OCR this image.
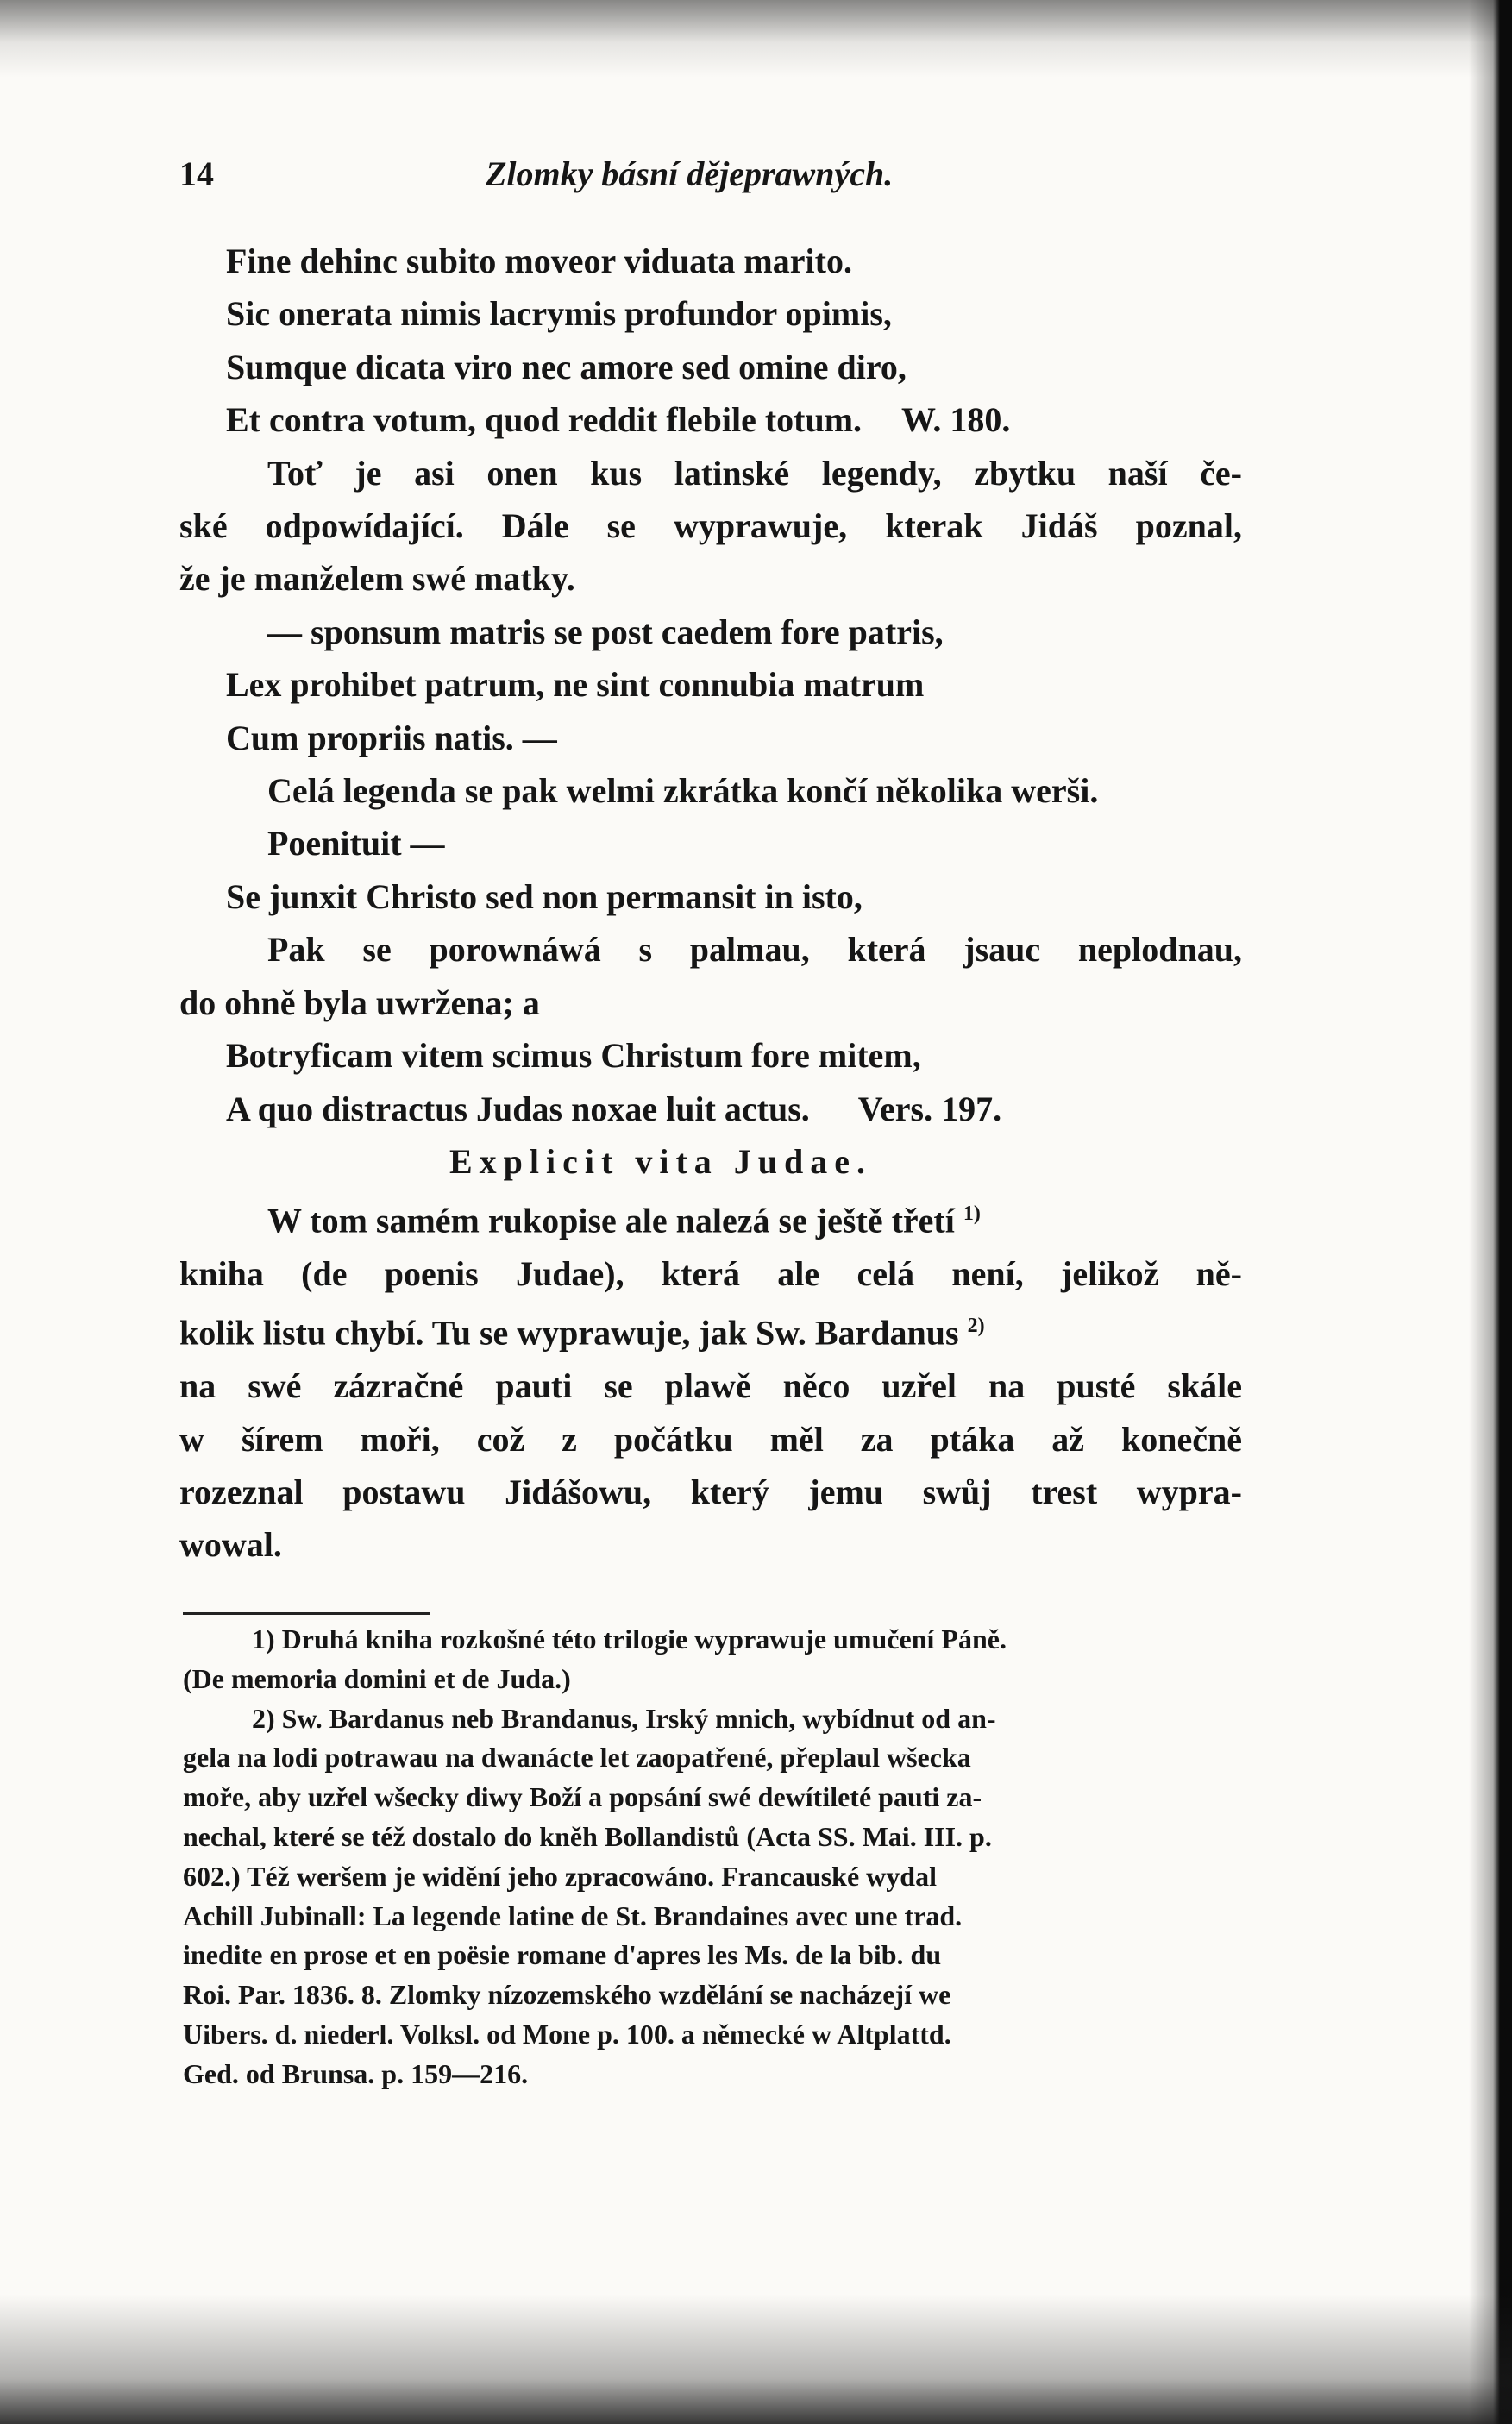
14	Zlomky básní dějeprawných.
Fine dehinc subito moveor viduata marito.
Sic onerata nimis lacrymis profundor opimis,
Sumque dicata viro nec amore sed omine diro,
Et contra votum, quod reddit flebile totum. W. 180.
Toť je asi onen kus latinské legendy, zbytku naší če-
ské odpowídající. Dále se wyprawuje, kterak Jidáš poznal,
že je manželem swé matky.
— sponsum matris se post caedem fore patris,
Lex prohibet patrum, ne sint connubia matrum
Cum propriis natis. —
Celá legenda se pak welmi zkrátka končí několika werši.
Poenituit —
Se junxit Christo sed non permansit in isto,
Pak se porownáwá s palmau, která jsauc neplodnau,
do ohně byla uwržena; a
Botryficam vitem scimus Christum fore mitem,
A quo distractus Judas noxae luit actus. Vers. 197.
Explicit vita Judae.
W tom samém rukopise ale nalezá se ještě třetí $^{1)}$
kniha (de poenis Judae), která ale celá není, jelikož ně-
kolik listu chybí. Tu se wyprawuje, jak Sw. Bardanus $^{2)}$
na swé zázračné pauti se plawě něco uzřel na pusté skále
w šírem moři, což z počátku měl za ptáka až konečně
rozeznal postawu Jidášowu, který jemu swůj trest wypra-
wowal.
1) Druhá kniha rozkošné této trilogie wyprawuje umučení Páně.
(De memoria domini et de Juda.)
2) Sw. Bardanus neb Brandanus, Irský mnich, wybídnut od an-
gela na lodi potrawau na dwanácte let zaopatřené, přeplaul wšecka
moře, aby uzřel wšecky diwy Boží a popsání swé dewítileté pauti za-
nechal, které se též dostalo do kněh Bollandistů (Acta SS. Mai. III. p.
602.) Též weršem je widění jeho zpracowáno. Francauské wydal
Achill Jubinall: La legende latine de St. Brandaines avec une trad.
inedite en prose et en poësie romane d'apres les Ms. de la bib. du
Roi. Par. 1836. 8. Zlomky nízozemského wzdělání se nacházejí we
Uibers. d. niederl. Volksl. od Mone p. 100. a německé w Altplattd.
Ged. od Brunsa. p. 159—216.
